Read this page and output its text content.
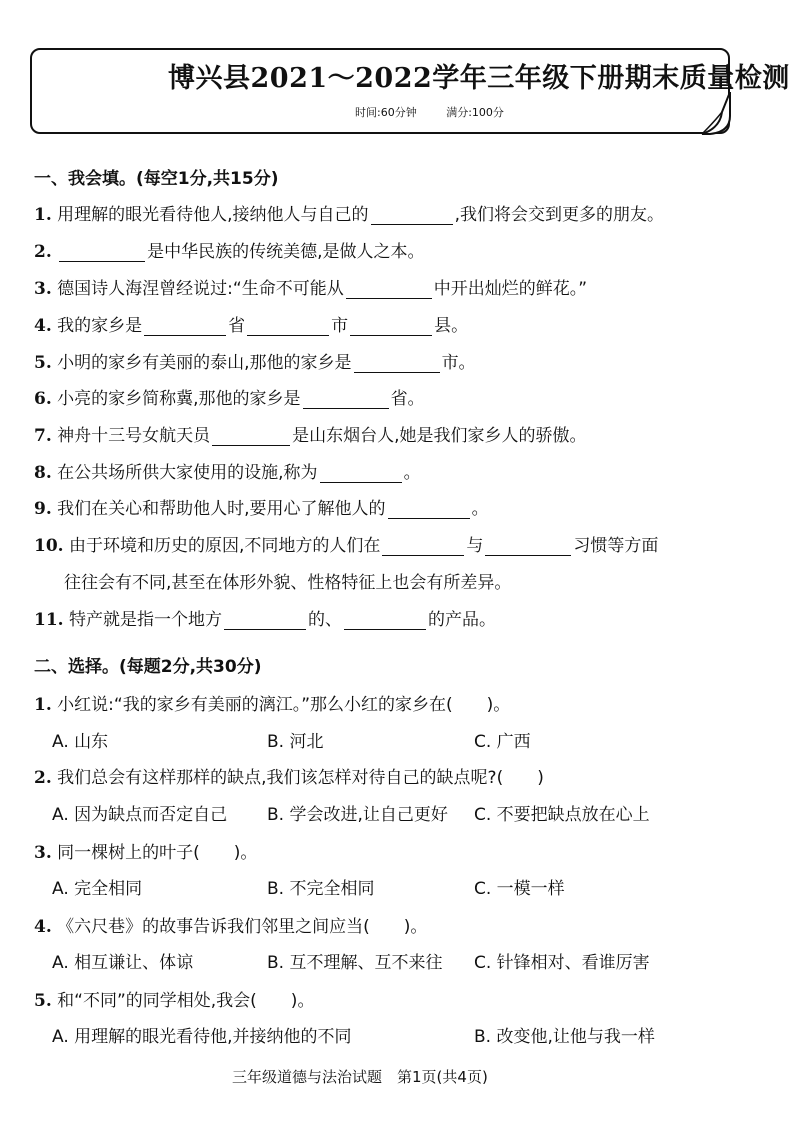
博兴县2021～2022学年三年级下册期末质量检测
时间:60分钟	满分:100分
一、我会填。(每空1分,共15分)
1. 用理解的眼光看待他人,接纳他人与自己的	,我们将会交到更多的朋友。
2.	是中华民族的传统美德,是做人之本。
3. 德国诗人海涅曾经说过:“生命不可能从	中开出灿烂的鲜花。”
4. 我的家乡是	省	市	县。
5. 小明的家乡有美丽的泰山,那他的家乡是	市。
6. 小亮的家乡简称冀,那他的家乡是	省。
7. 神舟十三号女航天员	是山东烟台人,她是我们家乡人的骄傲。
8. 在公共场所供大家使用的设施,称为	。
9. 我们在关心和帮助他人时,要用心了解他人的	。
10. 由于环境和历史的原因,不同地方的人们在	与	习惯等方面
往往会有不同,甚至在体形外貌、性格特征上也会有所差异。
11. 特产就是指一个地方	的、	的产品。
二、选择。(每题2分,共30分)
1. 小红说:“我的家乡有美丽的漓江。”那么小红的家乡在(　　)。
A. 山东	B. 河北	C. 广西
2. 我们总会有这样那样的缺点,我们该怎样对待自己的缺点呢?(　　)
A. 因为缺点而否定自己 B. 学会改进,让自己更好 C. 不要把缺点放在心上
3. 同一棵树上的叶子(　　)。
A. 完全相同	B. 不完全相同	C. 一模一样
4. 《六尺巷》的故事告诉我们邻里之间应当(　　)。
A. 相互谦让、体谅	B. 互不理解、互不来往 C. 针锋相对、看谁厉害
5. 和“不同”的同学相处,我会(　　)。
A. 用理解的眼光看待他,并接纳他的不同	B. 改变他,让他与我一样
三年级道德与法治试题　第1页(共4页)
